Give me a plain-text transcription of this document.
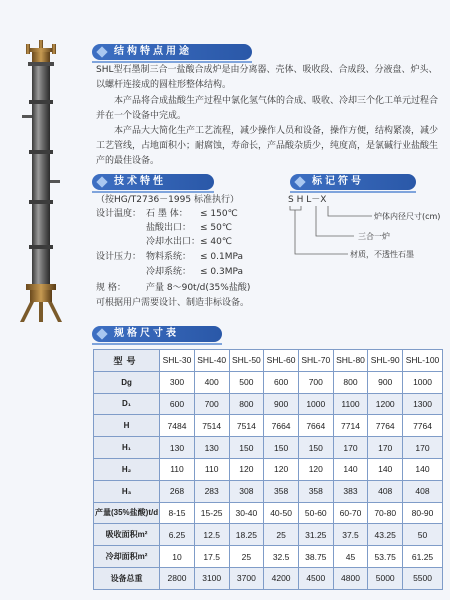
结构特点用途

SHL型石墨制三合一盐酸合成炉是由分离器、壳体、吸收段、合成段、分液盘、炉头、以螺杆连接成的圆柱形整体结构。

本产品将合成盐酸生产过程中氯化氢气体的合成、吸收、冷却三个化工单元过程合并在一个设备中完成。

本产品大大简化生产工艺流程，减少操作人员和设备，操作方便，结构紧凑，减少工艺管线，占地面积小；耐腐蚀，寿命长，产品酸杂质少，纯度高，是氯碱行业盐酸生产的最佳设备。

技术特性
（按HG/T2736－1995 标准执行）
设计温度： 石 墨 体： ≤ 150℃
盐酸出口： ≤ 50℃
冷却水出口： ≤ 40℃
设计压力： 物料系统： ≤ 0.1MPa
冷却系统： ≤ 0.3MPa
规 格： 产量 8～90t/d(35%盐酸)
可根据用户需要设计、制造非标设备。
标记符号
S H L－X
炉体内径尺寸(cm)
三合一炉
材质，不透性石墨
规格尺寸表
型号	SHL-30	SHL-40	SHL-50	SHL-60	SHL-70	SHL-80	SHL-90	SHL-100
Dg	300	400	500	600	700	800	900	1000
D₁	600	700	800	900	1000	1100	1200	1300
H	7484	7514	7514	7664	7664	7714	7764	7764
H₁	130	130	150	150	150	170	170	170
H₂	110	110	120	120	120	140	140	140
H₃	268	283	308	358	358	383	408	408
产量(35%盐酸)t/d	8-15	15-25	30-40	40-50	50-60	60-70	70-80	80-90
吸收面积m²	6.25	12.5	18.25	25	31.25	37.5	43.25	50
冷却面积m²	10	17.5	25	32.5	38.75	45	53.75	61.25
设备总重	2800	3100	3700	4200	4500	4800	5000	5500
